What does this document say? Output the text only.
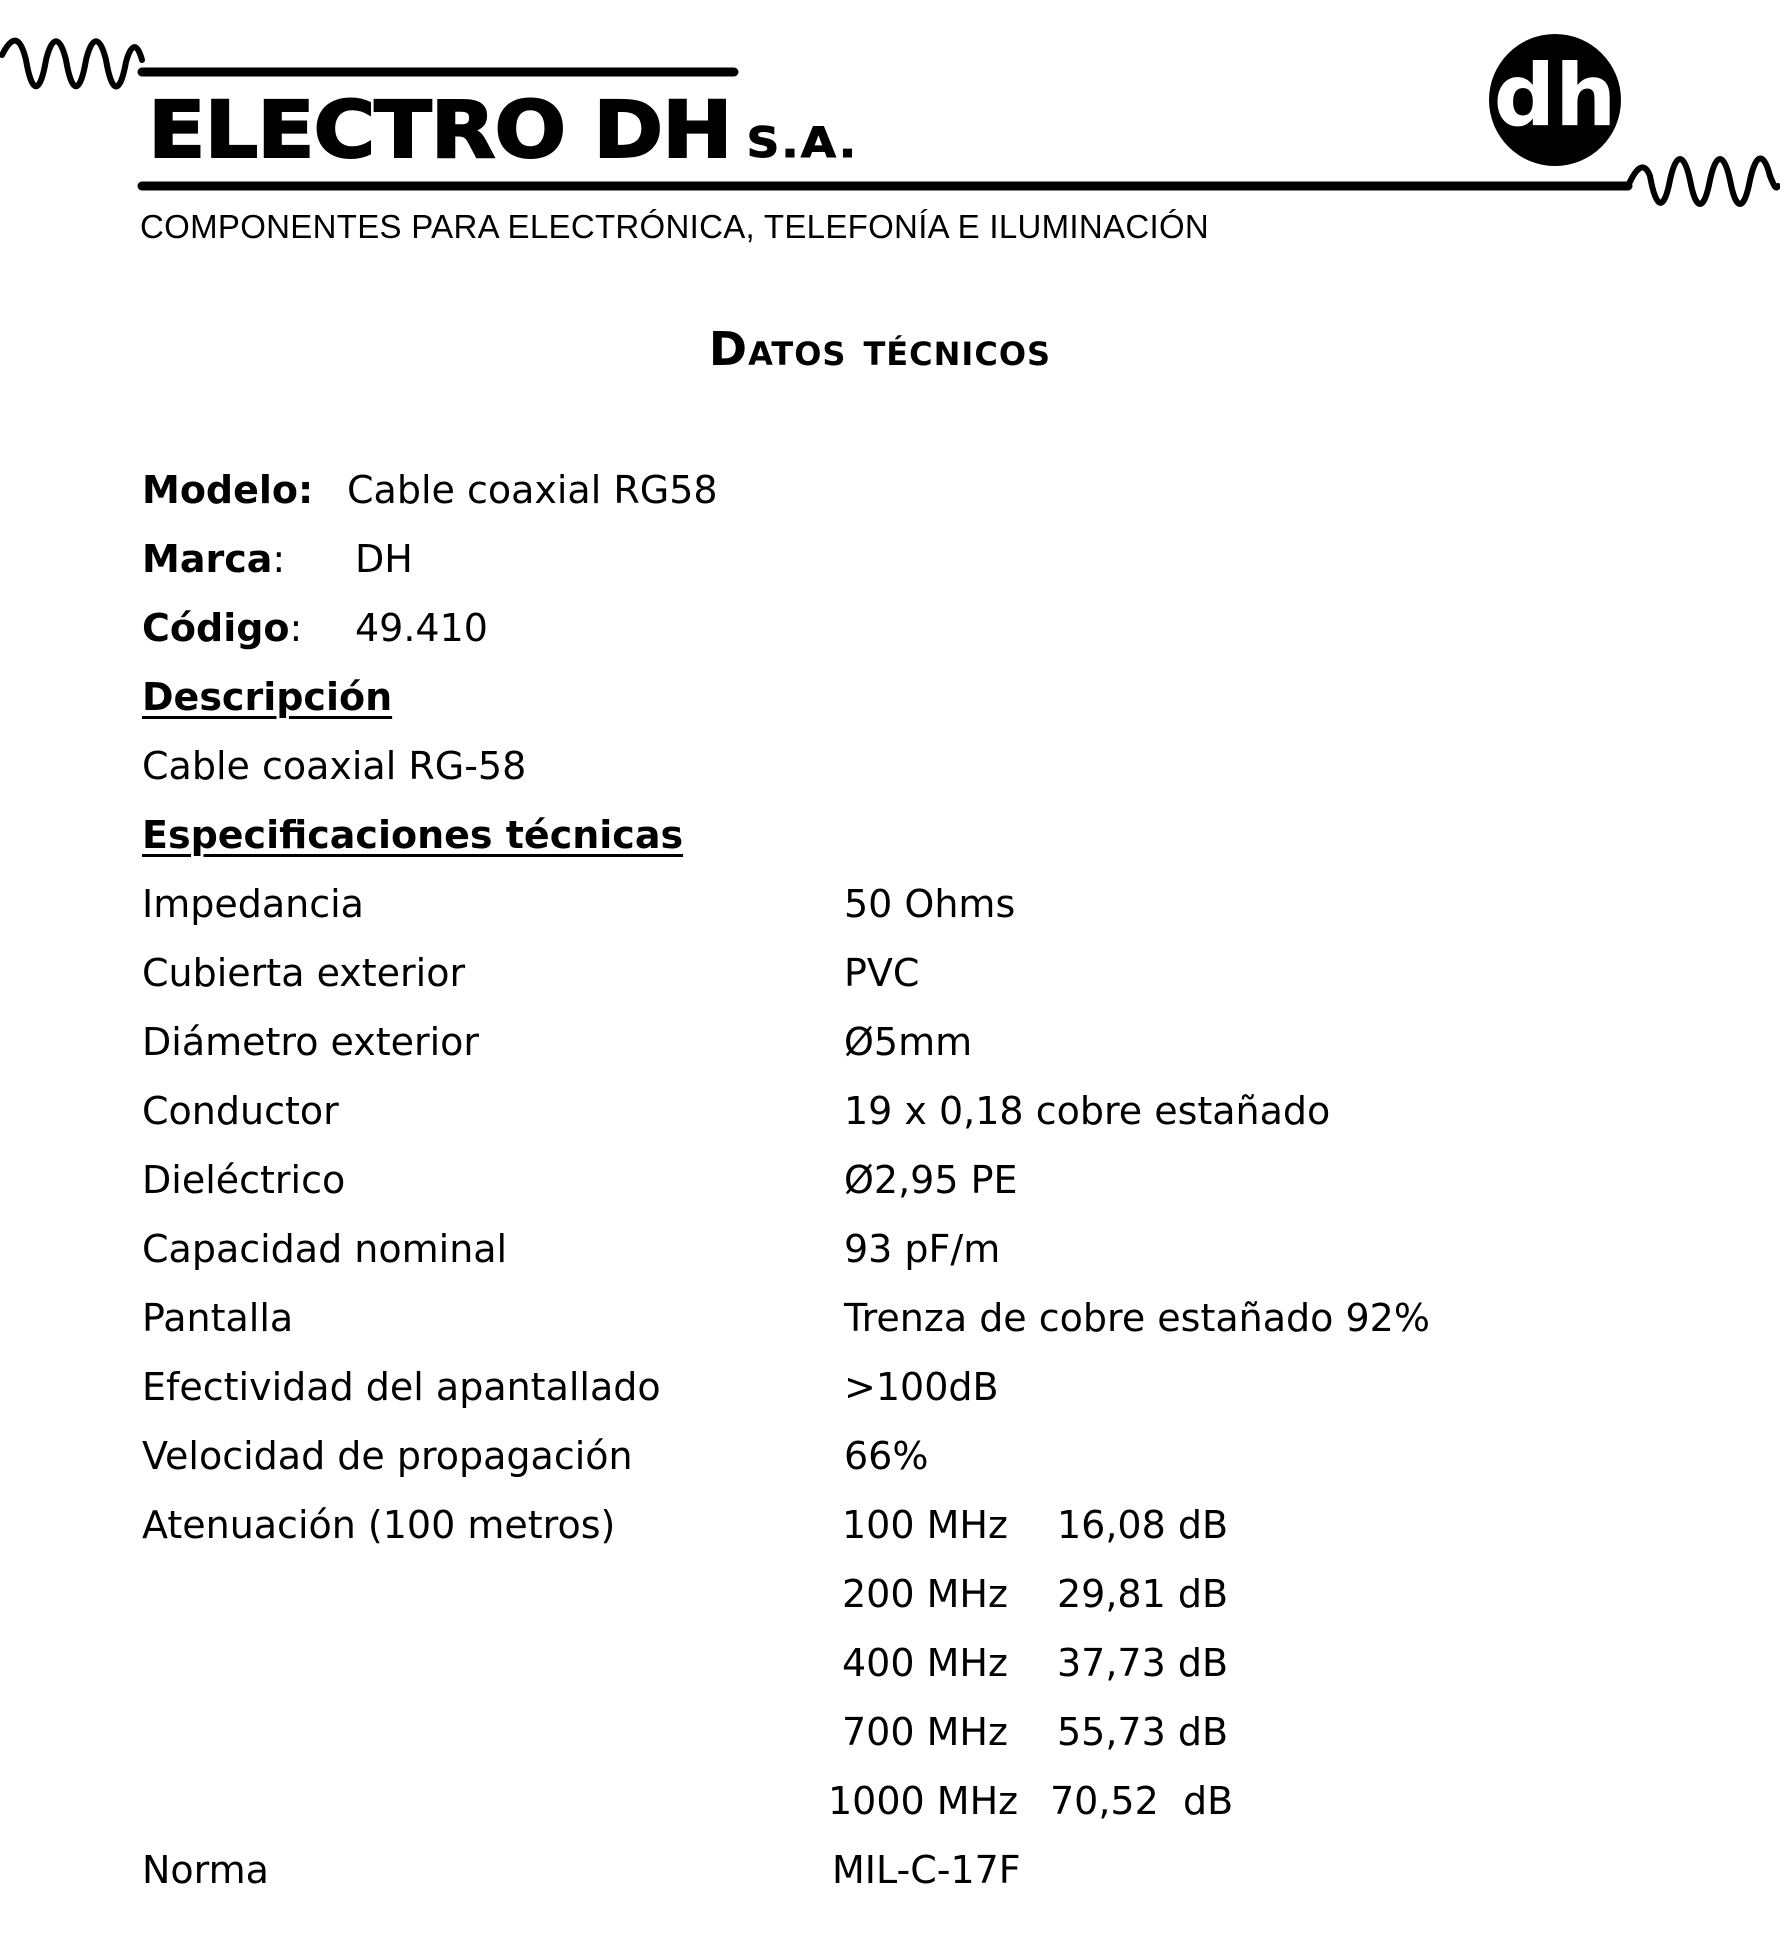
dh
ELECTRO DH S.A.
COMPONENTES PARA ELECTRÓNICA, TELEFONÍA E ILUMINACIÓN
Datos técnicos
Modelo: Cable coaxial RG58
Marca: DH
Código: 49.410
Descripción
Cable coaxial RG-58
Especificaciones técnicas
Impedancia	50 Ohms
Cubierta exterior	PVC
Diámetro exterior	Ø5mm
Conductor	19 x 0,18 cobre estañado
Dieléctrico	Ø2,95 PE
Capacidad nominal	93 pF/m
Pantalla	Trenza de cobre estañado 92%
Efectividad del apantallado	>100dB
Velocidad de propagación	66%
Atenuación (100 metros)	100 MHz 16,08 dB
200 MHz 29,81 dB
400 MHz 37,73 dB
700 MHz 55,73 dB
1000 MHz 70,52  dB
Norma	MIL-C-17F
